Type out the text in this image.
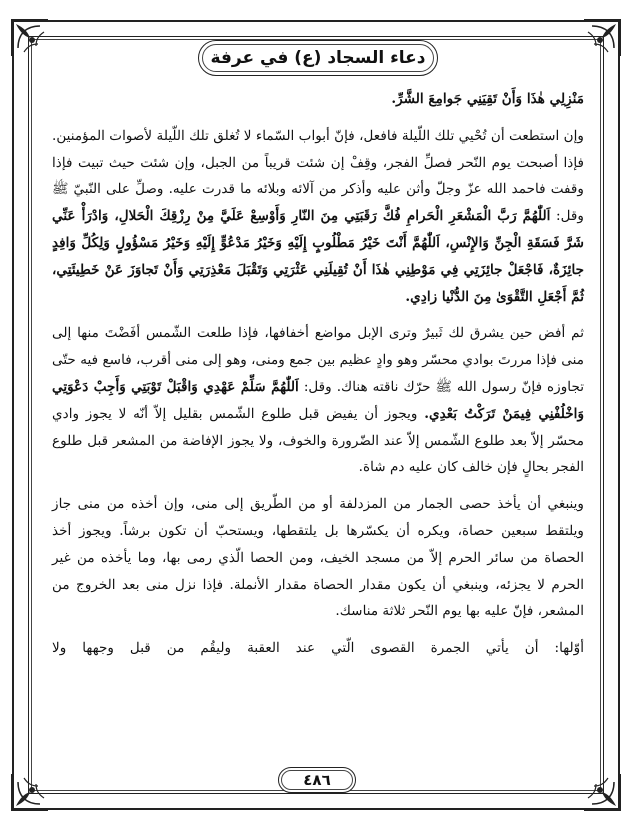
دعاء السجاد (ع) في عرفة

مَنْزِلِي هٰذَا وَأَنْ تَقِيَنِي جَوامِعَ الشَّرِّ.

وإن استطعت أن تُحْيي تلك اللّيلة فافعل، فإنّ أبواب السّماء لا تُغلق تلك اللّيلة لأصوات المؤمنين. فإذا أصبحت يوم النّحر فصلِّ الفجر، وقِفْ إن شئت قريباً من الجبل، وإن شئت حيث تبيت فإذا وقفت فاحمد الله عزّ وجلّ وأثن عليه وأذكر من آلائه وبلائه ما قدرت عليه. وصلِّ على النّبيّ ﷺ وقل: اَللّٰهُمَّ رَبَّ الْمَشْعَرِ الْحَرامِ فُكَّ رَقَبَتِي مِنَ النّارِ وَأَوْسِعْ عَلَيَّ مِنْ رِزْقِكَ الْحَلالِ، وَادْرَأْ عَنِّي شَرَّ فَسَقَةِ الْجِنِّ وَالإِنْسِ، اَللّٰهُمَّ أَنْتَ خَيْرُ مَطْلُوبٍ إِلَيْهِ وَخَيْرُ مَدْعُوٍّ إِلَيْهِ وَخَيْرُ مَسْؤُولٍ وَلِكُلِّ وَافِدٍ جائِزَةٌ، فَاجْعَلْ جائِزَتِي فِي مَوْطِنِي هٰذَا أَنْ تُقِيلَنِي عَثْرَتِي وَتَقْبَلَ مَعْذِرَتِي وَأَنْ تَجاوَزَ عَنْ خَطِيئَتِي، ثُمَّ أَجْعَلِ التَّقْوَىٰ مِنَ الدُّنْيا زادِي.

ثم أفض حين يشرق لك ثَبيرٌ وترى الإبل مواضع أخفافها، فإذا طلعت الشّمس أفَضْتَ منها إلى منى فإذا مررتَ بوادي محسّر وهو وادٍ عظيم بين جمع ومنى، وهو إلى منى أقرب، فاسع فيه حتّى تجاوزه فإنّ رسول الله ﷺ حرّك ناقته هناك. وقل: اَللّٰهُمَّ سَلِّمْ عَهْدِي وَاقْبَلْ تَوْبَتِي وَأَجِبْ دَعْوَتِي وَاخْلُفْنِي فِيمَنْ تَرَكْتُ بَعْدِي. ويجوز أن يفيض قبل طلوع الشّمس بقليل إلاّ أنّه لا يجوز وادي محسّر إلاّ بعد طلوع الشّمس إلاّ عند الضّرورة والخوف، ولا يجوز الإفاضة من المشعر قبل طلوع الفجر بحالٍ فإن خالف كان عليه دم شاة.

وينبغي أن يأخذ حصى الجمار من المزدلفة أو من الطّريق إلى منى، وإن أخذه من منى جاز ويلتقط سبعين حصاة، ويكره أن يكسّرها بل يلتقطها، ويستحبّ أن تكون برشاً. ويجوز أخذ الحصاة من سائر الحرم إلاّ من مسجد الخيف، ومن الحصا الّذي رمى بها، وما يأخذه من غير الحرم لا يجزئه، وينبغي أن يكون مقدار الحصاة مقدار الأنملة. فإذا نزل منى بعد الخروج من المشعر، فإنّ عليه بها يوم النّحر ثلاثة مناسك.

أوّلها: أن يأتي الجمرة القصوى الّتي عند العقبة وليقُم من قبل وجهها ولا

٤٨٦
